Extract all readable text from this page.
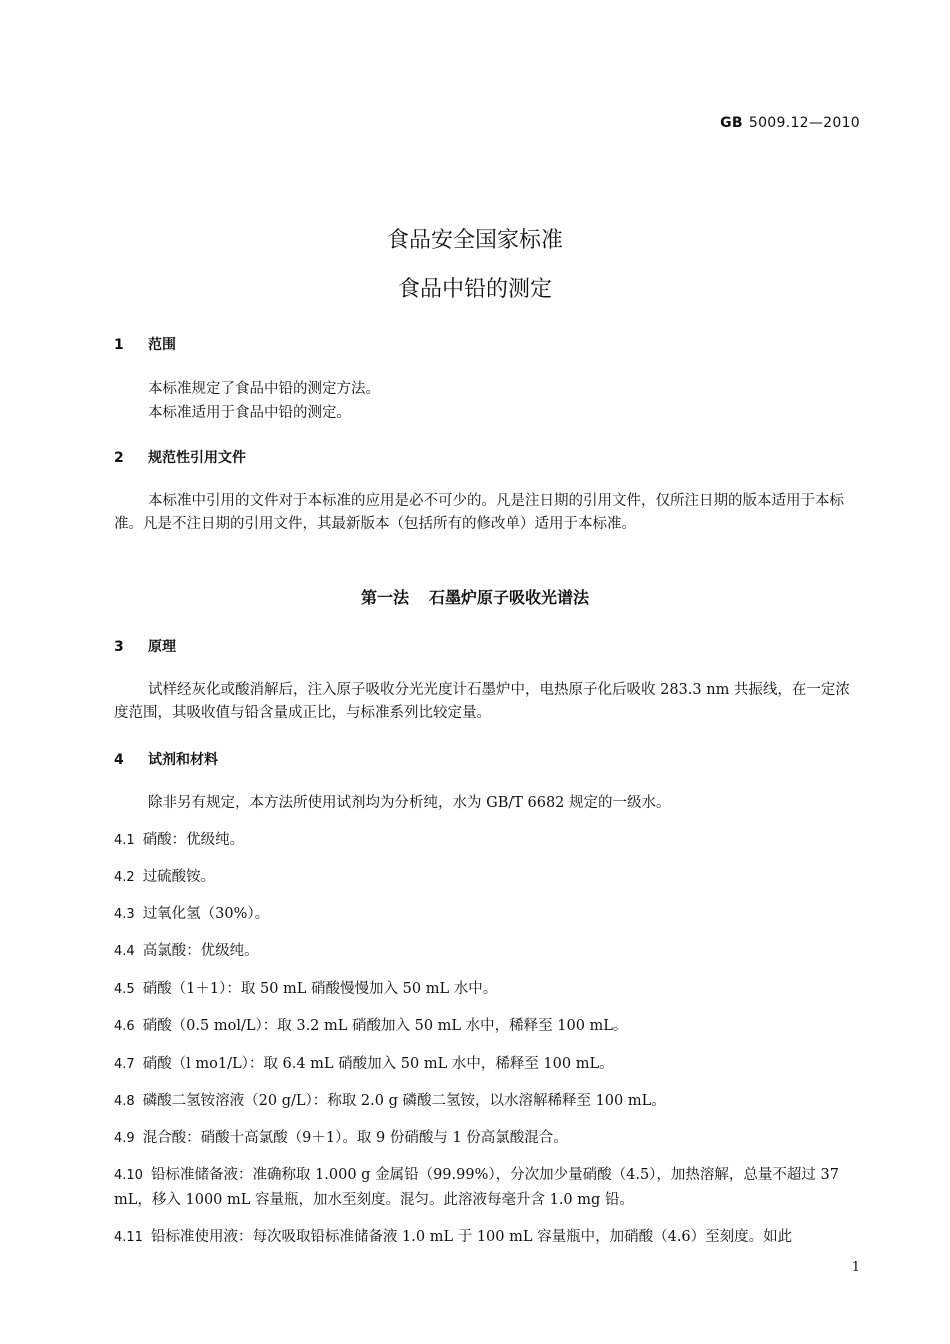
GB 5009.12—2010
食品安全国家标准
食品中铅的测定
1 范围
本标准规定了食品中铅的测定方法。
本标准适用于食品中铅的测定。
2 规范性引用文件
本标准中引用的文件对于本标准的应用是必不可少的。凡是注日期的引用文件，仅所注日期的版本适用于本标准。凡是不注日期的引用文件，其最新版本（包括所有的修改单）适用于本标准。
第一法 石墨炉原子吸收光谱法
3 原理
试样经灰化或酸消解后，注入原子吸收分光光度计石墨炉中，电热原子化后吸收 283.3 nm 共振线，在一定浓度范围，其吸收值与铅含量成正比，与标准系列比较定量。
4 试剂和材料
除非另有规定，本方法所使用试剂均为分析纯，水为 GB/T 6682 规定的一级水。
4.1 硝酸：优级纯。
4.2 过硫酸铵。
4.3 过氧化氢（30%）。
4.4 高氯酸：优级纯。
4.5 硝酸（1＋1）：取 50 mL 硝酸慢慢加入 50 mL 水中。
4.6 硝酸（0.5 mol/L）：取 3.2 mL 硝酸加入 50 mL 水中，稀释至 100 mL。
4.7 硝酸（l mo1/L）：取 6.4 mL 硝酸加入 50 mL 水中，稀释至 100 mL。
4.8 磷酸二氢铵溶液（20 g/L）：称取 2.0 g 磷酸二氢铵，以水溶解稀释至 100 mL。
4.9 混合酸：硝酸十高氯酸（9＋1）。取 9 份硝酸与 1 份高氯酸混合。
4.10 铅标准储备液：准确称取 1.000 g 金属铅（99.99%），分次加少量硝酸（4.5），加热溶解，总量不超过 37 mL，移入 1000 mL 容量瓶，加水至刻度。混匀。此溶液每毫升含 1.0 mg 铅。
4.11 铅标准使用液：每次吸取铅标准储备液 1.0 mL 于 100 mL 容量瓶中，加硝酸（4.6）至刻度。如此
1
